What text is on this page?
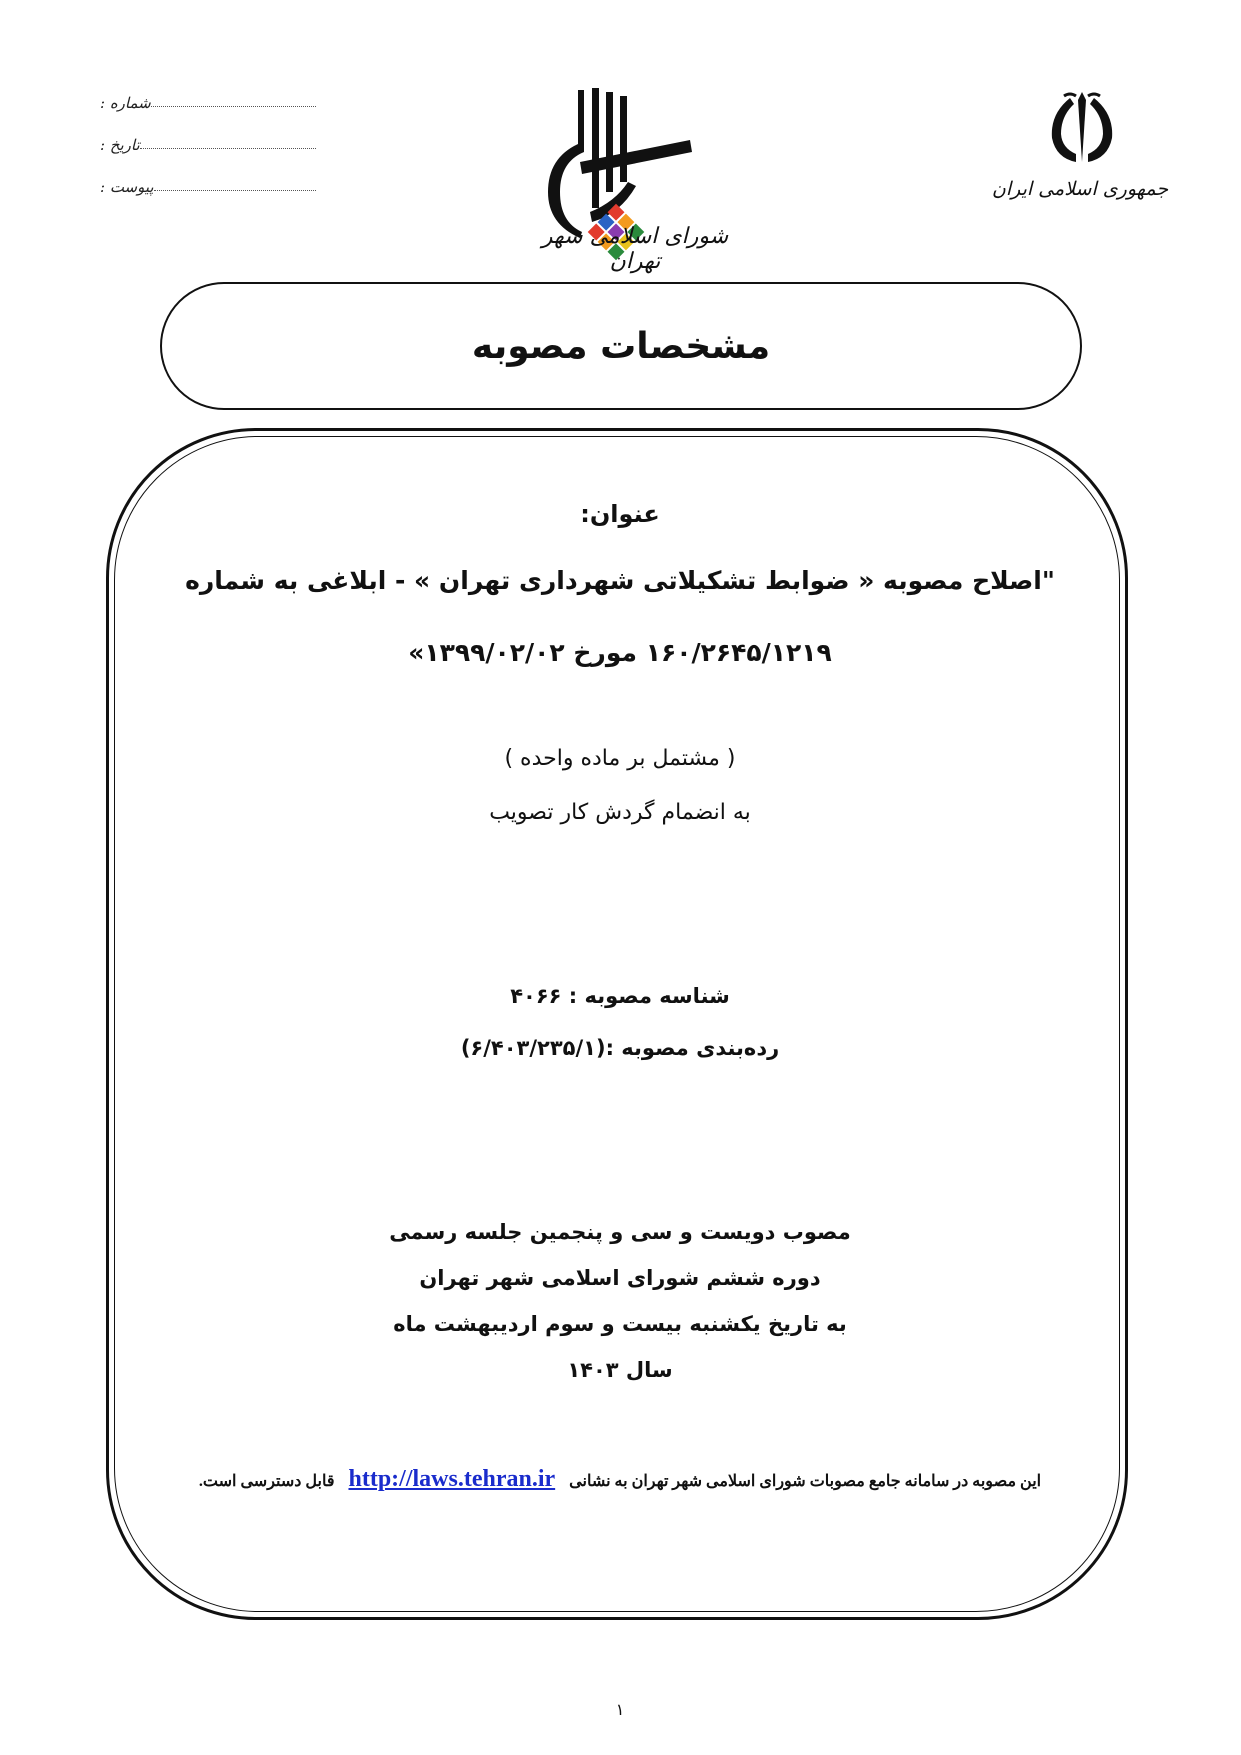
شماره :
تاریخ :
پیوست :
شورای اسلامی شهر تهران
جمهوری اسلامی ایران
مشخصات مصوبه
عنوان:
"اصلاح مصوبه « ضوابط تشکیلاتی شهرداری تهران » - ابلاغی به شماره
۱۶۰/۲۶۴۵/۱۲۱۹ مورخ ۱۳۹۹/۰۲/۰۲»
( مشتمل بر ماده واحده )
به انضمام گردش کار تصویب
شناسه مصوبه : ۴۰۶۶
رده‌بندی مصوبه :(۶/۴۰۳/۲۳۵/۱)
مصوب دویست و سی و پنجمین جلسه رسمی
دوره ششم شورای اسلامی شهر تهران
به تاریخ یکشنبه بیست و سوم اردیبهشت ماه
سال ۱۴۰۳
این مصوبه در سامانه جامع مصوبات شورای اسلامی شهر تهران به نشانی http://laws.tehran.ir قابل دسترسی است.
۱
